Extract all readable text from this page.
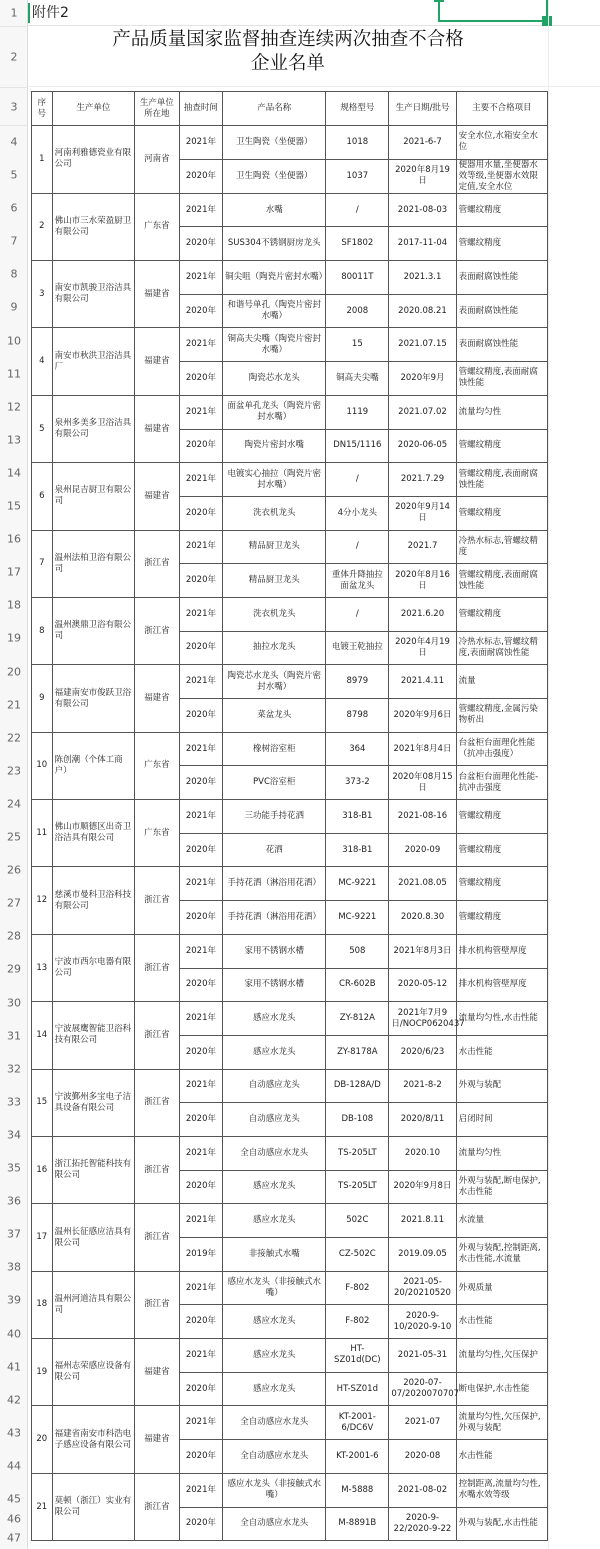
1
2
3
4
5
6
7
8
9
10
11
12
13
14
15
16
17
18
19
20
21
22
23
24
25
26
27
28
29
30
31
32
33
34
35
36
37
38
39
40
41
42
43
44
45
46
47
附件2
产品质量国家监督抽查连续两次抽查不合格
企业名单
序号	生产单位	生产单位所在地	抽查时间	产品名称	规格型号	生产日期/批号	主要不合格项目
1	河南利雅德瓷业有限公司	河南省	2021年	卫生陶瓷（坐便器）	1018	2021-6-7	安全水位,水箱安全水位
			2020年	卫生陶瓷（坐便器）	1037	2020年8月19日	便器用水量,坐便器水效等级,坐便器水效限定值,安全水位
2	佛山市三水荣盈厨卫有限公司	广东省	2021年	水嘴	/	2021-08-03	管螺纹精度
			2020年	SUS304不锈钢厨房龙头	SF1802	2017-11-04	管螺纹精度
3	南安市凯骏卫浴洁具有限公司	福建省	2021年	铜尖咀（陶瓷片密封水嘴）	80011T	2021.3.1	表面耐腐蚀性能
			2020年	和谐号单孔（陶瓷片密封水嘴）	2008	2020.08.21	表面耐腐蚀性能
4	南安市秋洪卫浴洁具厂	福建省	2021年	铜高夫尖嘴（陶瓷片密封水嘴）	15	2021.07.15	表面耐腐蚀性能
			2020年	陶瓷芯水龙头	铜高夫尖嘴	2020年9月	管螺纹精度,表面耐腐蚀性能
5	泉州多美多卫浴洁具有限公司	福建省	2021年	面盆单孔龙头（陶瓷片密封水嘴）	1119	2021.07.02	流量均匀性
			2020年	陶瓷片密封水嘴	DN15/1116	2020-06-05	管螺纹精度
6	泉州昆吉厨卫有限公司	福建省	2021年	电镀实心抽拉（陶瓷片密封水嘴）	/	2021.7.29	管螺纹精度,表面耐腐蚀性能
			2020年	洗衣机龙头	4分小龙头	2020年9月14日	管螺纹精度
7	温州法柏卫浴有限公司	浙江省	2021年	精品厨卫龙头	/	2021.7	冷热水标志,管螺纹精度
			2020年	精品厨卫龙头	重体升降抽拉面盆龙头	2020年8月16日	管螺纹精度,表面耐腐蚀性能
8	温州澳鼎卫浴有限公司	浙江省	2021年	洗衣机龙头	/	2021.6.20	管螺纹精度
			2020年	抽拉水龙头	电镀王乾抽拉	2020年4月19日	冷热水标志,管螺纹精度,表面耐腐蚀性能
9	福建南安市俊跃卫浴有限公司	福建省	2021年	陶瓷芯水龙头（陶瓷片密封水嘴）	8979	2021.4.11	流量
			2020年	菜盆龙头	8798	2020年9月6日	管螺纹精度,金属污染物析出
10	陈创潮（个体工商户）	广东省	2021年	橡树浴室柜	364	2021年8月4日	台盆柜台面理化性能（抗冲击强度）
			2020年	PVC浴室柜	373-2	2020年08月15日	台盆柜台面理化性能-抗冲击强度
11	佛山市顺德区出奇卫浴洁具有限公司	广东省	2021年	三功能手持花洒	318-B1	2021-08-16	管螺纹精度
			2020年	花洒	318-B1	2020-09	管螺纹精度
12	慈溪市曼科卫浴科技有限公司	浙江省	2021年	手持花洒（淋浴用花洒）	MC-9221	2021.08.05	管螺纹精度
			2020年	手持花洒（淋浴用花洒）	MC-9221	2020.8.30	管螺纹精度
13	宁波市西尔电器有限公司	浙江省	2021年	家用不锈钢水槽	508	2021年8月3日	排水机构管壁厚度
			2020年	家用不锈钢水槽	CR-602B	2020-05-12	排水机构管壁厚度
14	宁波展鹰智能卫浴科技有限公司	浙江省	2021年	感应水龙头	ZY-812A	2021年7月9日/NOCP0620437	流量均匀性,水击性能
			2020年	感应水龙头	ZY-8178A	2020/6/23	水击性能
15	宁波鄞州多宝电子洁具设备有限公司	浙江省	2021年	自动感应龙头	DB-128A/D	2021-8-2	外观与装配
			2020年	自动感应龙头	DB-108	2020/8/11	启闭时间
16	浙江拓托智能科技有限公司	浙江省	2021年	全自动感应水龙头	TS-205LT	2020.10	流量均匀性
			2020年	感应水龙头	TS-205LT	2020年9月8日	外观与装配,断电保护,水击性能
17	温州长征感应洁具有限公司	浙江省	2021年	感应水龙头	502C	2021.8.11	水流量
			2019年	非接触式水嘴	CZ-502C	2019.09.05	外观与装配,控制距离,水击性能,水流量
18	温州河道洁具有限公司	浙江省	2021年	感应水龙头（非接触式水嘴）	F-802	2021-05-20/20210520	外观质量
			2020年	感应水龙头	F-802	2020-9-10/2020-9-10	水击性能
19	福州志荣感应设备有限公司	福建省	2021年	感应水龙头	HT-SZ01d(DC)	2021-05-31	流量均匀性,欠压保护
			2020年	感应水龙头	HT-SZ01d	2020-07-07/2020070707	断电保护,水击性能
20	福建省南安市科浩电子感应设备有限公司	福建省	2021年	全自动感应水龙头	KT-2001-6/DC6V	2021-07	流量均匀性,欠压保护,外观与装配
			2020年	全自动感应水龙头	KT-2001-6	2020-08	水击性能
21	莫顿（浙江）实业有限公司	浙江省	2021年	感应水龙头（非接触式水嘴）	M-5888	2021-08-02	控制距离,流量均匀性,水嘴水效等级
			2020年	全自动感应水龙头	M-8891B	2020-9-22/2020-9-22	外观与装配,水击性能
